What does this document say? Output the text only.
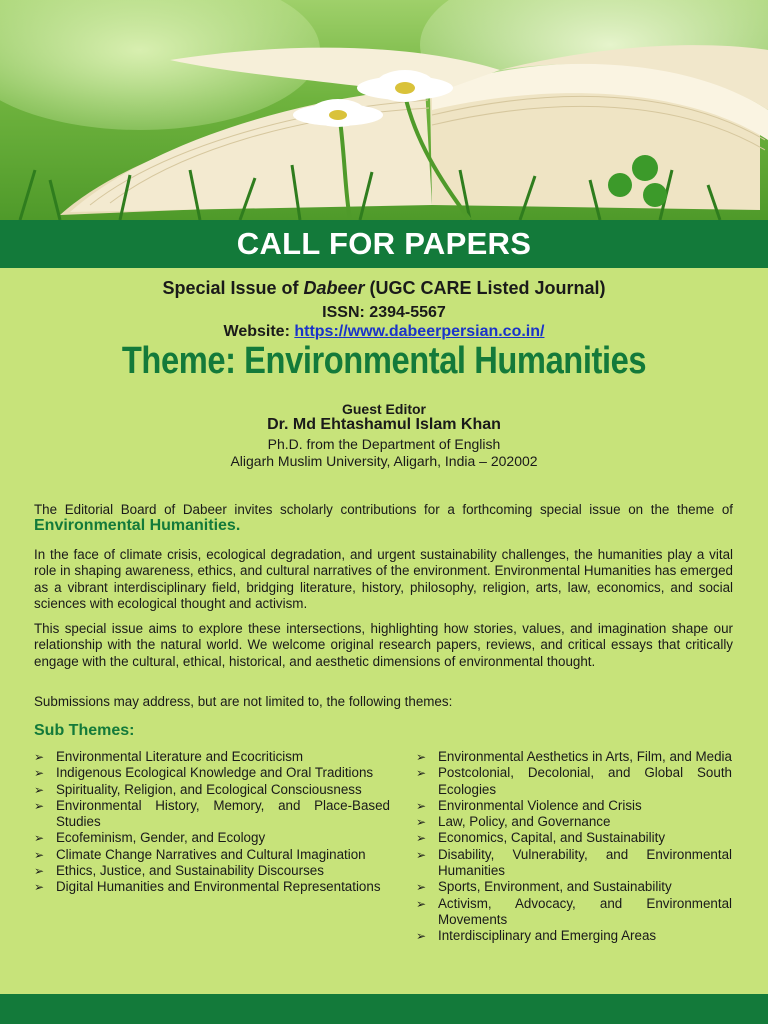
CALL FOR PAPERS
Special Issue of Dabeer (UGC CARE Listed Journal)
ISSN: 2394-5567
Website: https://www.dabeerpersian.co.in/
Theme: Environmental Humanities
Guest Editor
Dr. Md Ehtashamul Islam Khan
Ph.D. from the Department of English
Aligarh Muslim University, Aligarh, India – 202002
The Editorial Board of Dabeer invites scholarly contributions for a forthcoming special issue on the theme of Environmental Humanities.
In the face of climate crisis, ecological degradation, and urgent sustainability challenges, the humanities play a vital role in shaping awareness, ethics, and cultural narratives of the environment. Environmental Humanities has emerged as a vibrant interdisciplinary field, bridging literature, history, philosophy, religion, arts, law, economics, and social sciences with ecological thought and activism.
This special issue aims to explore these intersections, highlighting how stories, values, and imagination shape our relationship with the natural world. We welcome original research papers, reviews, and critical essays that critically engage with the cultural, ethical, historical, and aesthetic dimensions of environmental thought.
Submissions may address, but are not limited to, the following themes:
Sub Themes:
➢ Environmental Literature and Ecocriticism
➢ Indigenous Ecological Knowledge and Oral Traditions
➢ Spirituality, Religion, and Ecological Consciousness
➢ Environmental History, Memory, and Place-Based Studies
➢ Ecofeminism, Gender, and Ecology
➢ Climate Change Narratives and Cultural Imagination
➢ Ethics, Justice, and Sustainability Discourses
➢ Digital Humanities and Environmental Representations
➢ Environmental Aesthetics in Arts, Film, and Media
➢ Postcolonial, Decolonial, and Global South Ecologies
➢ Environmental Violence and Crisis
➢ Law, Policy, and Governance
➢ Economics, Capital, and Sustainability
➢ Disability, Vulnerability, and Environmental Humanities
➢ Sports, Environment, and Sustainability
➢ Activism, Advocacy, and Environmental Movements
➢ Interdisciplinary and Emerging Areas
